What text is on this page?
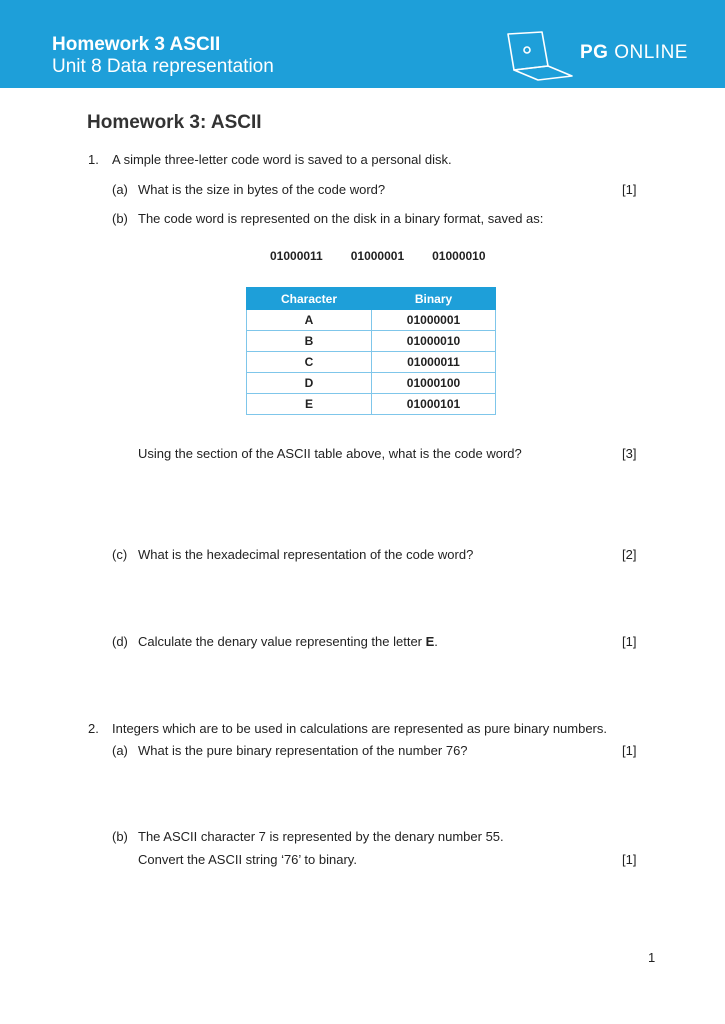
Homework 3 ASCII
Unit 8 Data representation
PG ONLINE
Homework 3: ASCII
1. A simple three-letter code word is saved to a personal disk.
(a) What is the size in bytes of the code word?	[1]
(b) The code word is represented on the disk in a binary format, saved as:
01000011   01000001   01000010
Character	Binary
A	01000001
B	01000010
C	01000011
D	01000100
E	01000101
Using the section of the ASCII table above, what is the code word?	[3]
(c) What is the hexadecimal representation of the code word?	[2]
(d) Calculate the denary value representing the letter E.	[1]
2. Integers which are to be used in calculations are represented as pure binary numbers.
(a) What is the pure binary representation of the number 76?	[1]
(b) The ASCII character 7 is represented by the denary number 55.
Convert the ASCII string ‘76’ to binary.	[1]
1
